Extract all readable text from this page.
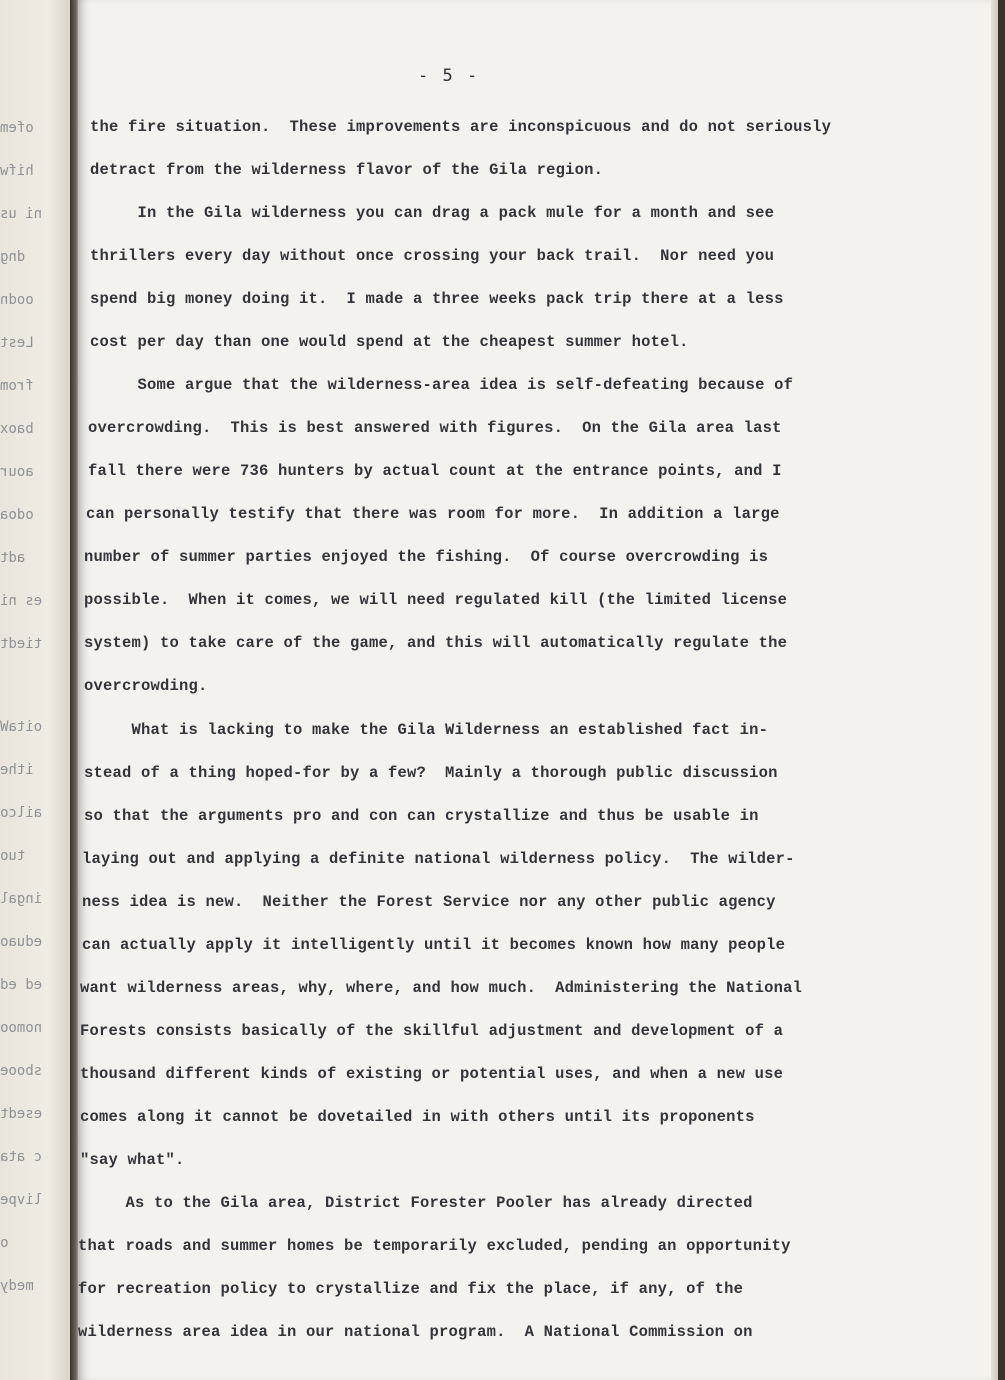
ofem
hifw
ni us
dng
oodn
Lest
from
baox
aour
odoa
adt
es ni
tiedt
oitaW
ithe
ailco
tuo
ingal
eduao
ed ed
nomoo
sbooe
esedt
c ata
livpe
o
medy
- 5 -
the fire situation.  These improvements are inconspicuous and do not seriously
detract from the wilderness flavor of the Gila region.
In the Gila wilderness you can drag a pack mule for a month and see
thrillers every day without once crossing your back trail.  Nor need you
spend big money doing it.  I made a three weeks pack trip there at a less
cost per day than one would spend at the cheapest summer hotel.
Some argue that the wilderness-area idea is self-defeating because of
overcrowding.  This is best answered with figures.  On the Gila area last
fall there were 736 hunters by actual count at the entrance points, and I
can personally testify that there was room for more.  In addition a large
number of summer parties enjoyed the fishing.  Of course overcrowding is
possible.  When it comes, we will need regulated kill (the limited license
system) to take care of the game, and this will automatically regulate the
overcrowding.
What is lacking to make the Gila Wilderness an established fact in-
stead of a thing hoped-for by a few?  Mainly a thorough public discussion
so that the arguments pro and con can crystallize and thus be usable in
laying out and applying a definite national wilderness policy.  The wilder-
ness idea is new.  Neither the Forest Service nor any other public agency
can actually apply it intelligently until it becomes known how many people
want wilderness areas, why, where, and how much.  Administering the National
Forests consists basically of the skillful adjustment and development of a
thousand different kinds of existing or potential uses, and when a new use
comes along it cannot be dovetailed in with others until its proponents
"say what".
As to the Gila area, District Forester Pooler has already directed
that roads and summer homes be temporarily excluded, pending an opportunity
for recreation policy to crystallize and fix the place, if any, of the
wilderness area idea in our national program.  A National Commission on
